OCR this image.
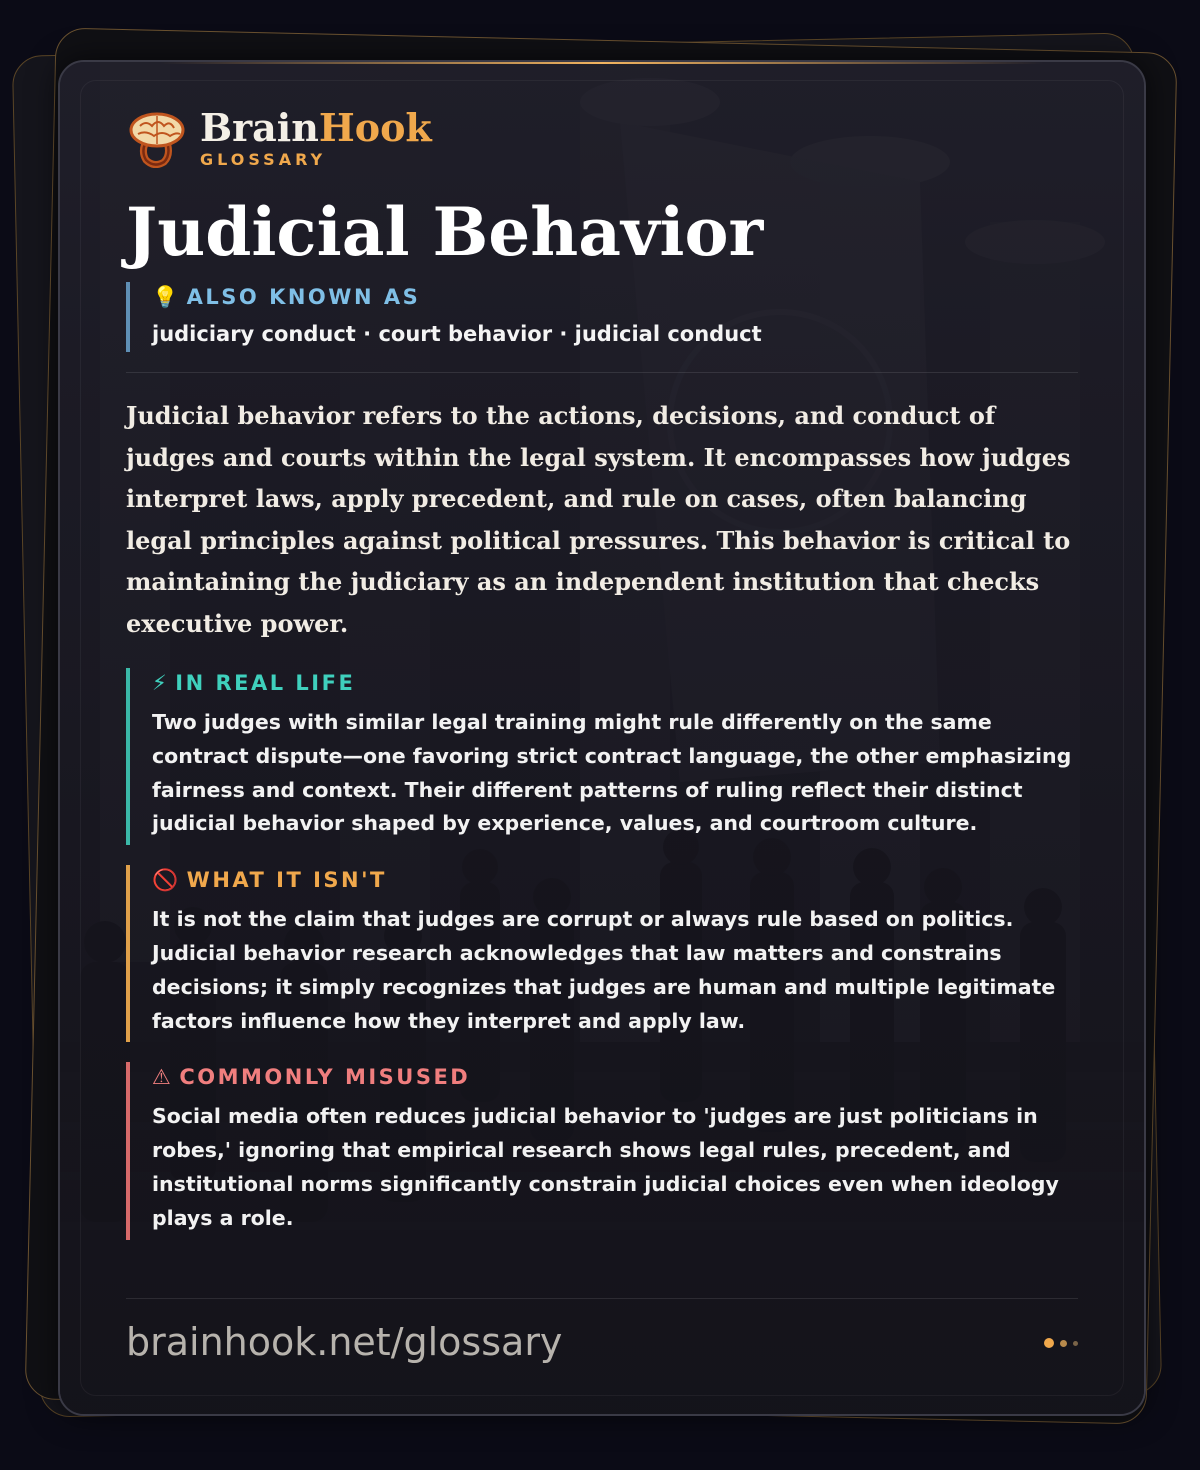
BrainHook
GLOSSARY
Judicial Behavior
💡 ALSO KNOWN AS
judiciary conduct · court behavior · judicial conduct
Judicial behavior refers to the actions, decisions, and conduct of judges and courts within the legal system. It encompasses how judges interpret laws, apply precedent, and rule on cases, often balancing legal principles against political pressures. This behavior is critical to maintaining the judiciary as an independent institution that checks executive power.
⚡ IN REAL LIFE
Two judges with similar legal training might rule differently on the same contract dispute—one favoring strict contract language, the other emphasizing fairness and context. Their different patterns of ruling reflect their distinct judicial behavior shaped by experience, values, and courtroom culture.
🚫 WHAT IT ISN'T
It is not the claim that judges are corrupt or always rule based on politics. Judicial behavior research acknowledges that law matters and constrains decisions; it simply recognizes that judges are human and multiple legitimate factors influence how they interpret and apply law.
⚠ COMMONLY MISUSED
Social media often reduces judicial behavior to 'judges are just politicians in robes,' ignoring that empirical research shows legal rules, precedent, and institutional norms significantly constrain judicial choices even when ideology plays a role.
brainhook.net/glossary
